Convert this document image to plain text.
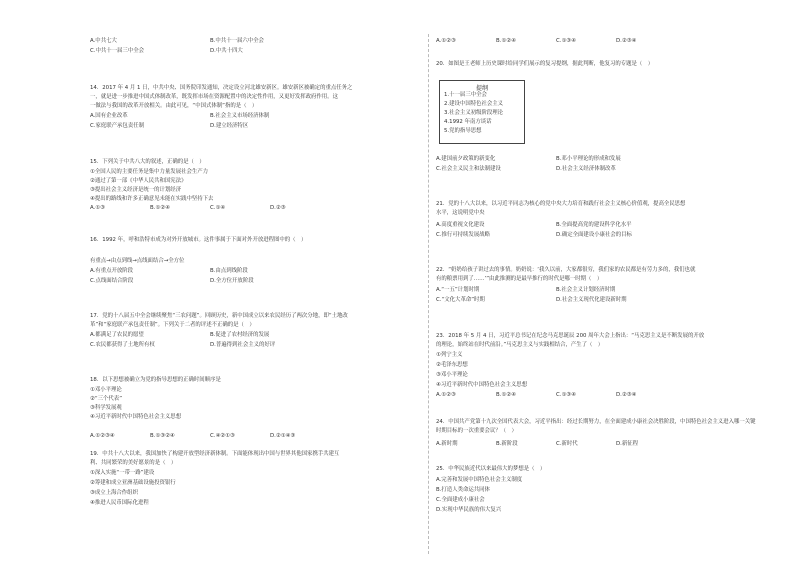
A.中共七大	B.中共十一届六中全会
C.中共十一届三中全会	D.中共十四大
14．2017 年 4 月 1 日，中共中央、国务院印发通知，决定设立河北雄安新区。雄安新区被确定的重点任务之
一，就是进一步推进中国式体制改革，既发挥市场在资源配置中的决定性作用，又更好发挥政府作用。这
一做法与我国的改革开放相关。由此可见，“中国式体制”指的是（　）
A.国有企业改革	B.社会主义市场经济体制
C.家庭联产承包责任制	D.建立经济特区
15．下列关于中共八大的叙述，正确的是（　）
①全国人民的主要任务是集中力量发展社会生产力
②通过了第一部《中华人民共和国宪法》
③提出社会主义经济是统一的计划经济
④提出的路线和许多正确意见未能在实践中坚持下去
A.①③	B.①②④	C.①④	D.②③
16．1992 年，呼和浩特市成为对外开放城市。这件事属于下面对外开放进程图中的（　）
有重点→由点到线→点线面结合→全方位
A.有重点开放阶段	B.由点到线阶段
C.点线面结合阶段	D.全方位开放阶段
17．党的十八届五中全会继续聚焦“三农问题”。回顾历史，新中国成立以来农民经历了两次分地，即“土地改
革”和“家庭联产承包责任制”。下列关于二者的评述不正确的是（　）
A.都满足了农民的愿望	B.促进了农村经济的发展
C.农民都获得了土地所有权	D.普遍得到社会主义的好评
18．以下思想被确立为党的指导思想的正确时间顺序是
①邓小平理论
②“三个代表”
③科学发展观
④习近平新时代中国特色社会主义思想
A.①②③④	B.①③②④	C.④②①③	D.②①④③
19．中共十八大以来，我国加快了构建开放型经济新体制。下面能体现出中国与世界其他国家携手共建互
利、共同繁荣的美好愿景的是（　）
①深入实施“一带一路”建设
②筹建和成立亚洲基础设施投资银行
③成立上海合作组织
④推进人民币国际化进程
A.①②③	B.①②④	C.①③④	D.②③④
20．如图是王老师上历史课时给同学们展示的复习提纲，据此判断，他复习的专题是（　）
提纲
1.十一届三中全会
2.建设中国特色社会主义
3.社会主义初级阶段理论
4.1992 年南方谈话
5.党的指导思想
A.建国前夕政策的新变化	B.邓小平理论的形成和发展
C.社会主义民主和法制建设	D.社会主义经济体制改革
21．党的十八大以来，以习近平同志为核心的党中央大力培育和践行社会主义核心价值观，提高全民思想
水平，这说明党中央
A.高度重视文化建设	B.全面提高党的建设科学化水平
C.推行可持续发展战略	D.确定全面建设小康社会的目标
22．“奶奶给孩子讲过去的事情。奶奶说：‘我久以前，大家都很穷，我们家的农民都是有劳力多的，我们也就
有的粮票用到了……’”由此推测的是最早推行的时代是哪一时期（　）
A.“一五”计划时期	B.社会主义计划经济时期
C.“文化大革命”时期	D.社会主义现代化建设新时期
23．2018 年 5 月 4 日，习近平总书记在纪念马克思诞辰 200 周年大会上指出：“马克思主义是不断发展的开放
的理论，始终站在时代前沿。”马克思主义与实践相结合，产生了（　）
①列宁主义
②毛泽东思想
③邓小平理论
④习近平新时代中国特色社会主义思想
A.①②③	B.①②④	C.①③④	D.②③④
24．中国共产党第十九次全国代表大会，习近平指出：经过长期努力，在全面建成小康社会决胜阶段，中国特色社会主义进入哪一关键
时期目标的一次重要会议？（　）
A.新时期	B.新阶段	C.新时代	D.新征程
25．中华民族近代以来最伟大的梦想是（　）
A.完善和发展中国特色社会主义制度
B.打造人类命运共同体
C.全面建成小康社会
D.实现中华民族的伟大复兴
